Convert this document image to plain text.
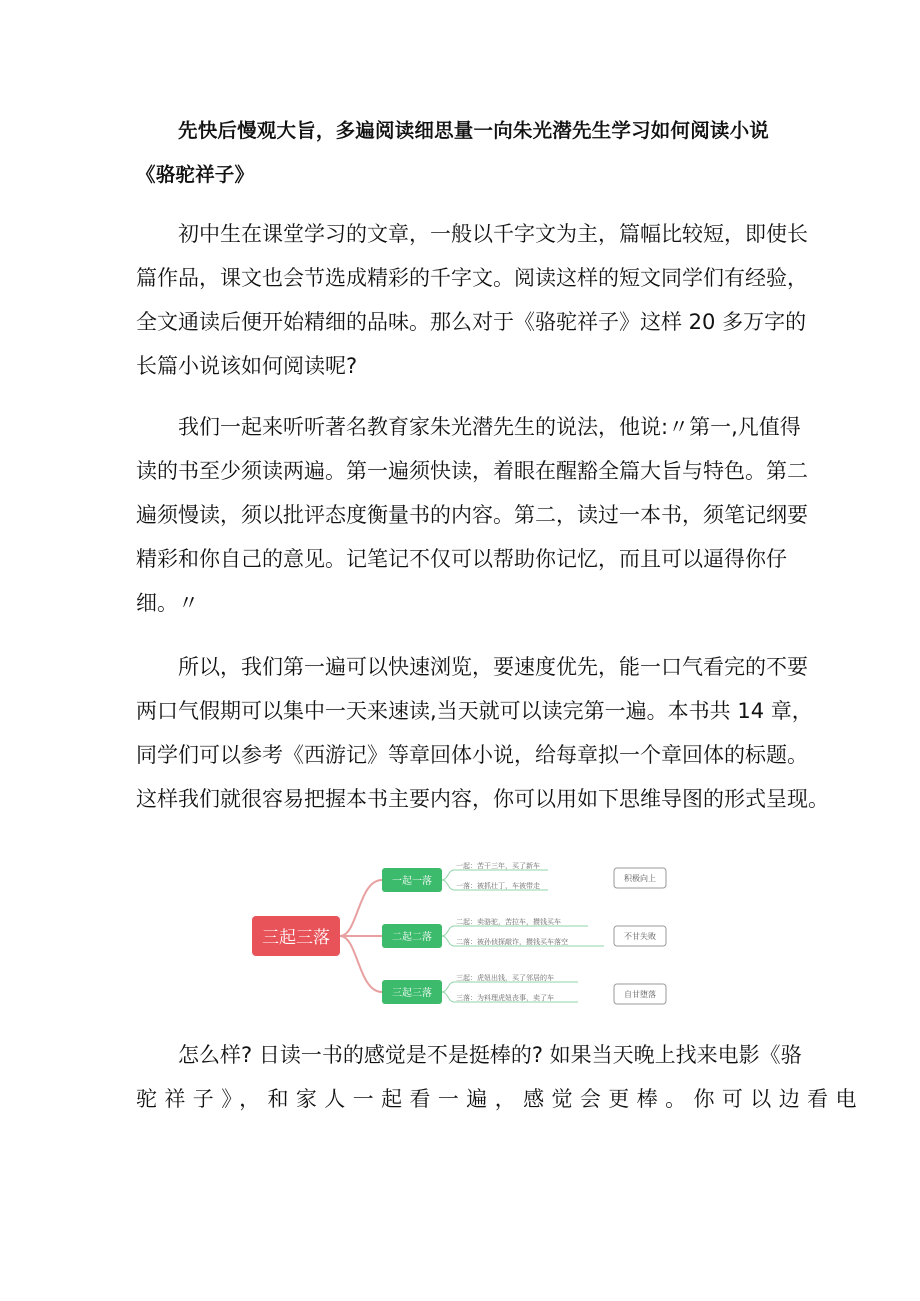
先快后慢观大旨，多遍阅读细思量一向朱光潜先生学习如何阅读小说
《骆驼祥子》
初中生在课堂学习的文章，一般以千字文为主，篇幅比较短，即使长
篇作品，课文也会节选成精彩的千字文。阅读这样的短文同学们有经验，
全文通读后便开始精细的品味。那么对于《骆驼祥子》这样 20 多万字的
长篇小说该如何阅读呢?
我们一起来听听著名教育家朱光潜先生的说法，他说:〃第一,凡值得
读的书至少须读两遍。第一遍须快读，着眼在醒豁全篇大旨与特色。第二
遍须慢读，须以批评态度衡量书的内容。第二，读过一本书，须笔记纲要
精彩和你自己的意见。记笔记不仅可以帮助你记忆，而且可以逼得你仔
细。〃
所以，我们第一遍可以快速浏览，要速度优先，能一口气看完的不要
两口气假期可以集中一天来速读,当天就可以读完第一遍。本书共 14 章，
同学们可以参考《西游记》等章回体小说，给每章拟一个章回体的标题。
这样我们就很容易把握本书主要内容，你可以用如下思维导图的形式呈现。
三起三落
一起一落
一起：苦干三年，买了新车
一落：被抓壮丁，车被带走
积极向上
二起二落
二起：卖骆驼，苦拉车，攒钱买车
二落：被孙侦探敲诈，攒钱买车落空
不甘失败
三起三落
三起：虎妞出钱，买了邻居的车
三落：为料理虎妞丧事，卖了车	自甘堕落
怎么样? 日读一书的感觉是不是挺棒的? 如果当天晚上找来电影《骆
驼祥子》，和家人一起看一遍，感觉会更棒。你可以边看电
